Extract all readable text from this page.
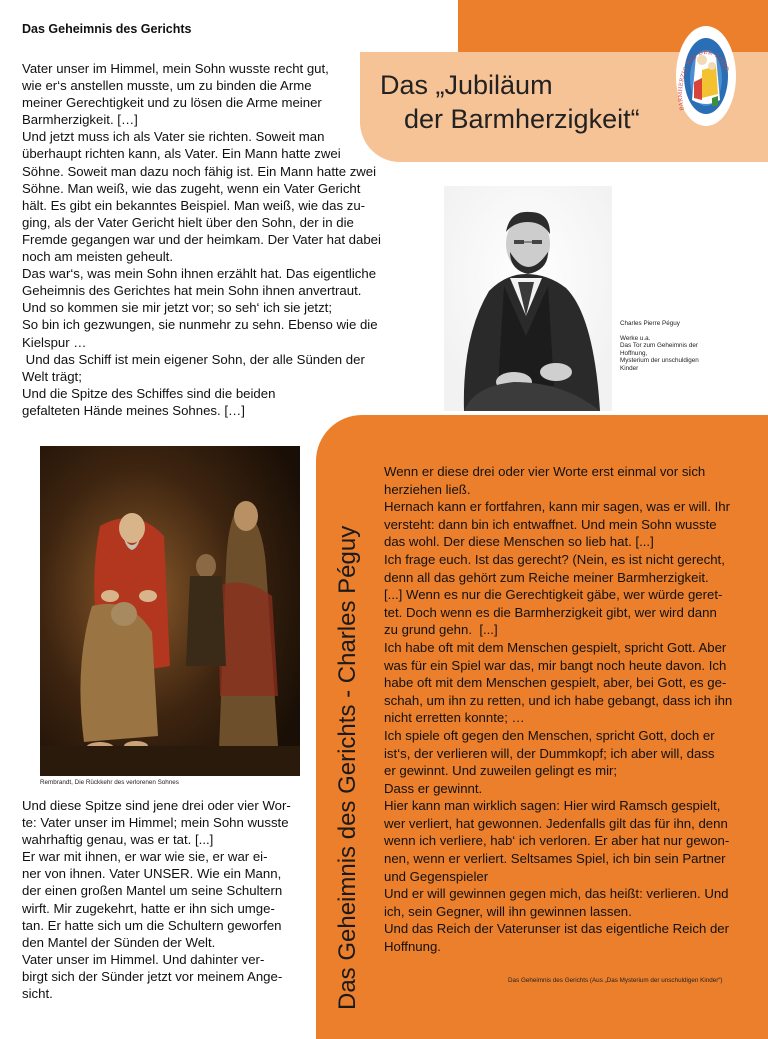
Das Geheimnis des Gerichts
Vater unser im Himmel, mein Sohn wusste recht gut,
wie er‘s anstellen musste, um zu binden die Arme
meiner Gerechtigkeit und zu lösen die Arme meiner
Barmherzigkeit. […]
Und jetzt muss ich als Vater sie richten. Soweit man
überhaupt richten kann, als Vater. Ein Mann hatte zwei
Söhne. Soweit man dazu noch fähig ist. Ein Mann hatte zwei
Söhne. Man weiß, wie das zugeht, wenn ein Vater Gericht
hält. Es gibt ein bekanntes Beispiel. Man weiß, wie das zu-
ging, als der Vater Gericht hielt über den Sohn, der in die
Fremde gegangen war und der heimkam. Der Vater hat dabei
noch am meisten geheult.
Das war‘s, was mein Sohn ihnen erzählt hat. Das eigentliche
Geheimnis des Gerichtes hat mein Sohn ihnen anvertraut.
Und so kommen sie mir jetzt vor; so seh‘ ich sie jetzt;
So bin ich gezwungen, sie nunmehr zu sehn. Ebenso wie die
Kielspur …
Und das Schiff ist mein eigener Sohn, der alle Sünden der
Welt trägt;
Und die Spitze des Schiffes sind die beiden
gefalteten Hände meines Sohnes. […]
Das „Jubiläum
der Barmherzigkeit“	BARMHERZIG WIE DER VATER
Charles Pierre Péguy
Werke u.a.
Das Tor zum Geheimnis der
Hoffnung,
Mysterium der unschuldigen
Kinder
Rembrandt, Die Rückkehr des verlorenen Sohnes
Und diese Spitze sind jene drei oder vier Wor-
te: Vater unser im Himmel; mein Sohn wusste
wahrhaftig genau, was er tat. [...]
Er war mit ihnen, er war wie sie, er war ei-
ner von ihnen. Vater UNSER. Wie ein Mann,
der einen großen Mantel um seine Schultern
wirft. Mir zugekehrt, hatte er ihn sich umge-
tan. Er hatte sich um die Schultern geworfen
den Mantel der Sünden der Welt.
Vater unser im Himmel. Und dahinter ver-
birgt sich der Sünder jetzt vor meinem Ange-
sicht.	Das Geheimnis des Gerichts - Charles Péguy
Wenn er diese drei oder vier Worte erst einmal vor sich
herziehen ließ.
Hernach kann er fortfahren, kann mir sagen, was er will. Ihr
versteht: dann bin ich entwaffnet. Und mein Sohn wusste
das wohl. Der diese Menschen so lieb hat. [...]
Ich frage euch. Ist das gerecht? (Nein, es ist nicht gerecht,
denn all das gehört zum Reiche meiner Barmherzigkeit.
[...] Wenn es nur die Gerechtigkeit gäbe, wer würde geret-
tet. Doch wenn es die Barmherzigkeit gibt, wer wird dann
zu grund gehn.  [...]
Ich habe oft mit dem Menschen gespielt, spricht Gott. Aber
was für ein Spiel war das, mir bangt noch heute davon. Ich
habe oft mit dem Menschen gespielt, aber, bei Gott, es ge-
schah, um ihn zu retten, und ich habe gebangt, dass ich ihn
nicht erretten konnte; …
Ich spiele oft gegen den Menschen, spricht Gott, doch er
ist‘s, der verlieren will, der Dummkopf; ich aber will, dass
er gewinnt. Und zuweilen gelingt es mir;
Dass er gewinnt.
Hier kann man wirklich sagen: Hier wird Ramsch gespielt,
wer verliert, hat gewonnen. Jedenfalls gilt das für ihn, denn
wenn ich verliere, hab‘ ich verloren. Er aber hat nur gewon-
nen, wenn er verliert. Seltsames Spiel, ich bin sein Partner
und Gegenspieler
Und er will gewinnen gegen mich, das heißt: verlieren. Und
ich, sein Gegner, will ihn gewinnen lassen.
Und das Reich der Vaterunser ist das eigentliche Reich der
Hoffnung.
Das Geheimnis des Gerichts (Aus „Das Mysterium der unschuldigen Kinder“)
